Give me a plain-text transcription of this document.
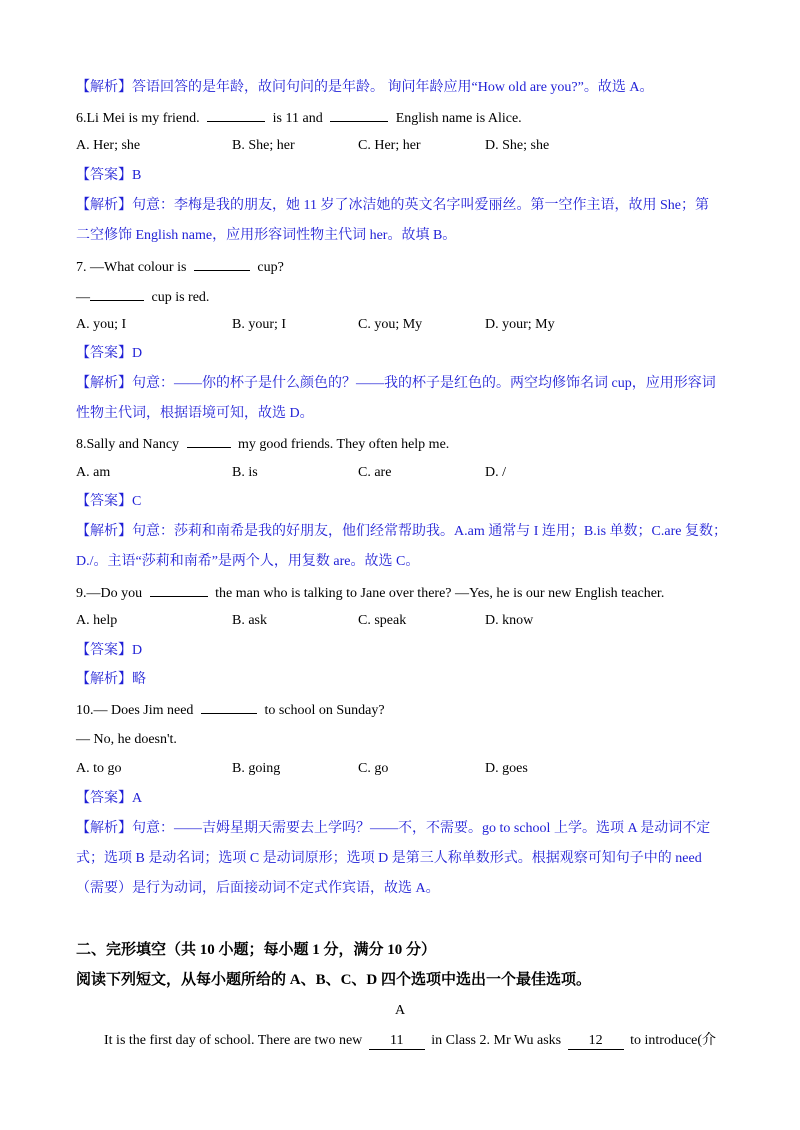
【解析】答语回答的是年龄，故问句问的是年龄。 询问年龄应用“How old are you?”。故选 A。
6.Li Mei is my friend.	is 11 and	English name is Alice.
A. Her; she	B. She; her	C. Her; her	D. She; she
【答案】B
【解析】句意：李梅是我的朋友，她 11 岁了冰洁她的英文名字叫爱丽丝。第一空作主语，故用 She；第
二空修饰 English name，应用形容词性物主代词 her。故填 B。
7. —What colour is	cup?
—	cup is red.
A. you; I	B. your; I	C. you; My	D. your; My
【答案】D
【解析】句意：——你的杯子是什么颜色的？——我的杯子是红色的。两空均修饰名词 cup，应用形容词
性物主代词，根据语境可知，故选 D。
8.Sally and Nancy	my good friends. They often help me.
A. am	B. is	C. are	D. /
【答案】C
【解析】句意：莎莉和南希是我的好朋友，他们经常帮助我。A.am 通常与 I 连用；B.is 单数；C.are 复数；
D./。主语“莎莉和南希”是两个人，用复数 are。故选 C。
9.—Do you	the man who is talking to Jane over there? —Yes, he is our new English teacher.
A. help	B. ask	C. speak	D. know
【答案】D
【解析】略
10.— Does Jim need	to school on Sunday?
— No, he doesn't.
A. to go	B. going	C. go	D. goes
【答案】A
【解析】句意：——吉姆星期天需要去上学吗？——不，不需要。go to school 上学。选项 A 是动词不定
式；选项 B 是动名词；选项 C 是动词原形；选项 D 是第三人称单数形式。根据观察可知句子中的 need
（需要）是行为动词，后面接动词不定式作宾语，故选 A。
二、完形填空（共 10 小题；每小题 1 分，满分 10 分）
阅读下列短文，从每小题所给的 A、B、C、D 四个选项中选出一个最佳选项。
A
It is the first day of school. There are two new 11 in Class 2. Mr Wu asks 12 to introduce(介
